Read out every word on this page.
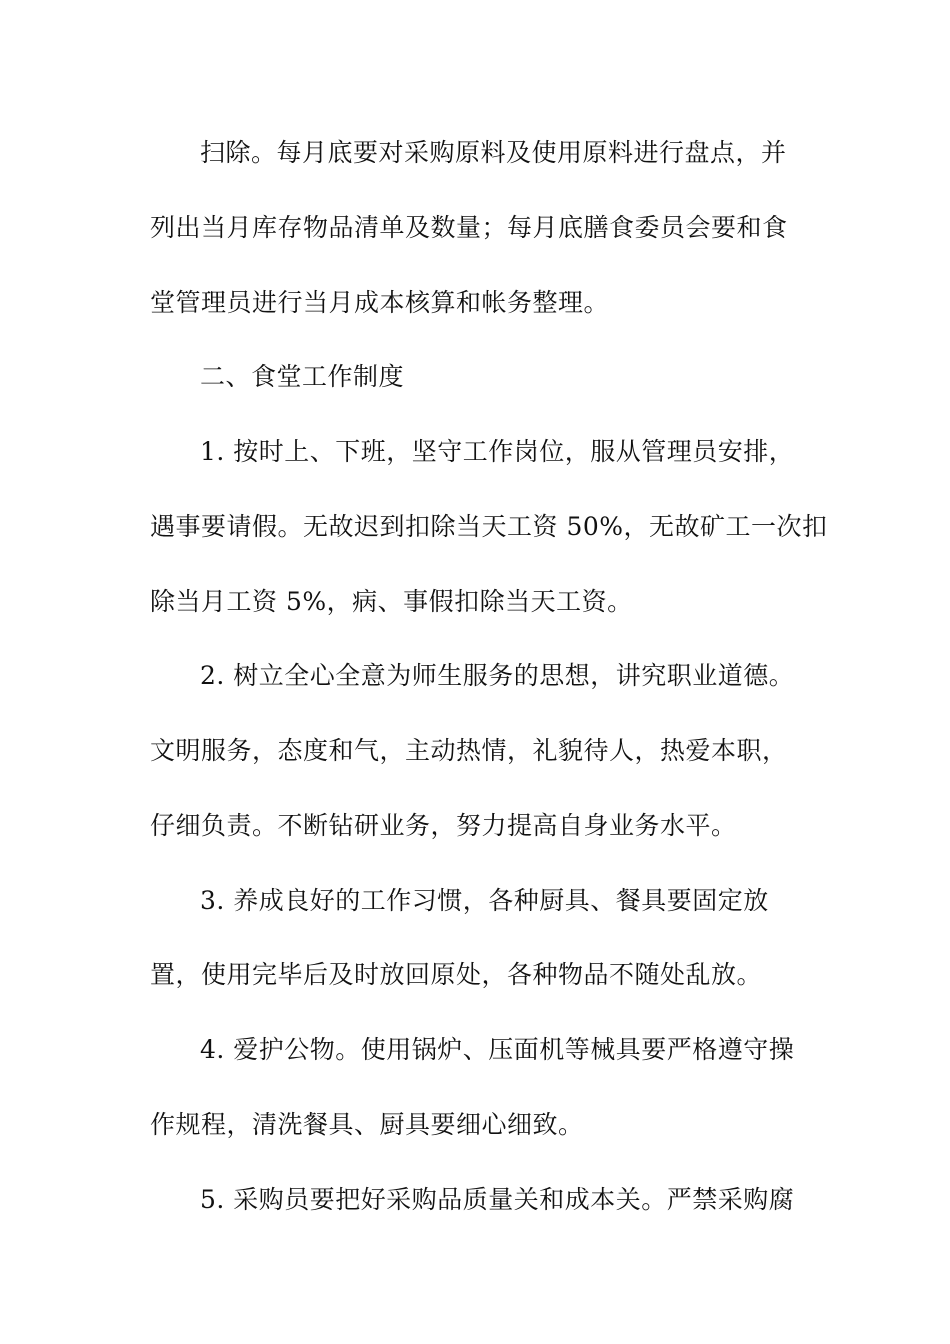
扫除。每月底要对采购原料及使用原料进行盘点，并
列出当月库存物品清单及数量；每月底膳食委员会要和食
堂管理员进行当月成本核算和帐务整理。
二、食堂工作制度
1. 按时上、下班，坚守工作岗位，服从管理员安排，
遇事要请假。无故迟到扣除当天工资 50%，无故矿工一次扣
除当月工资 5%，病、事假扣除当天工资。
2. 树立全心全意为师生服务的思想，讲究职业道德。
文明服务，态度和气，主动热情，礼貌待人，热爱本职，
仔细负责。不断钻研业务，努力提高自身业务水平。
3. 养成良好的工作习惯，各种厨具、餐具要固定放
置，使用完毕后及时放回原处，各种物品不随处乱放。
4. 爱护公物。使用锅炉、压面机等械具要严格遵守操
作规程，清洗餐具、厨具要细心细致。
5. 采购员要把好采购品质量关和成本关。严禁采购腐
